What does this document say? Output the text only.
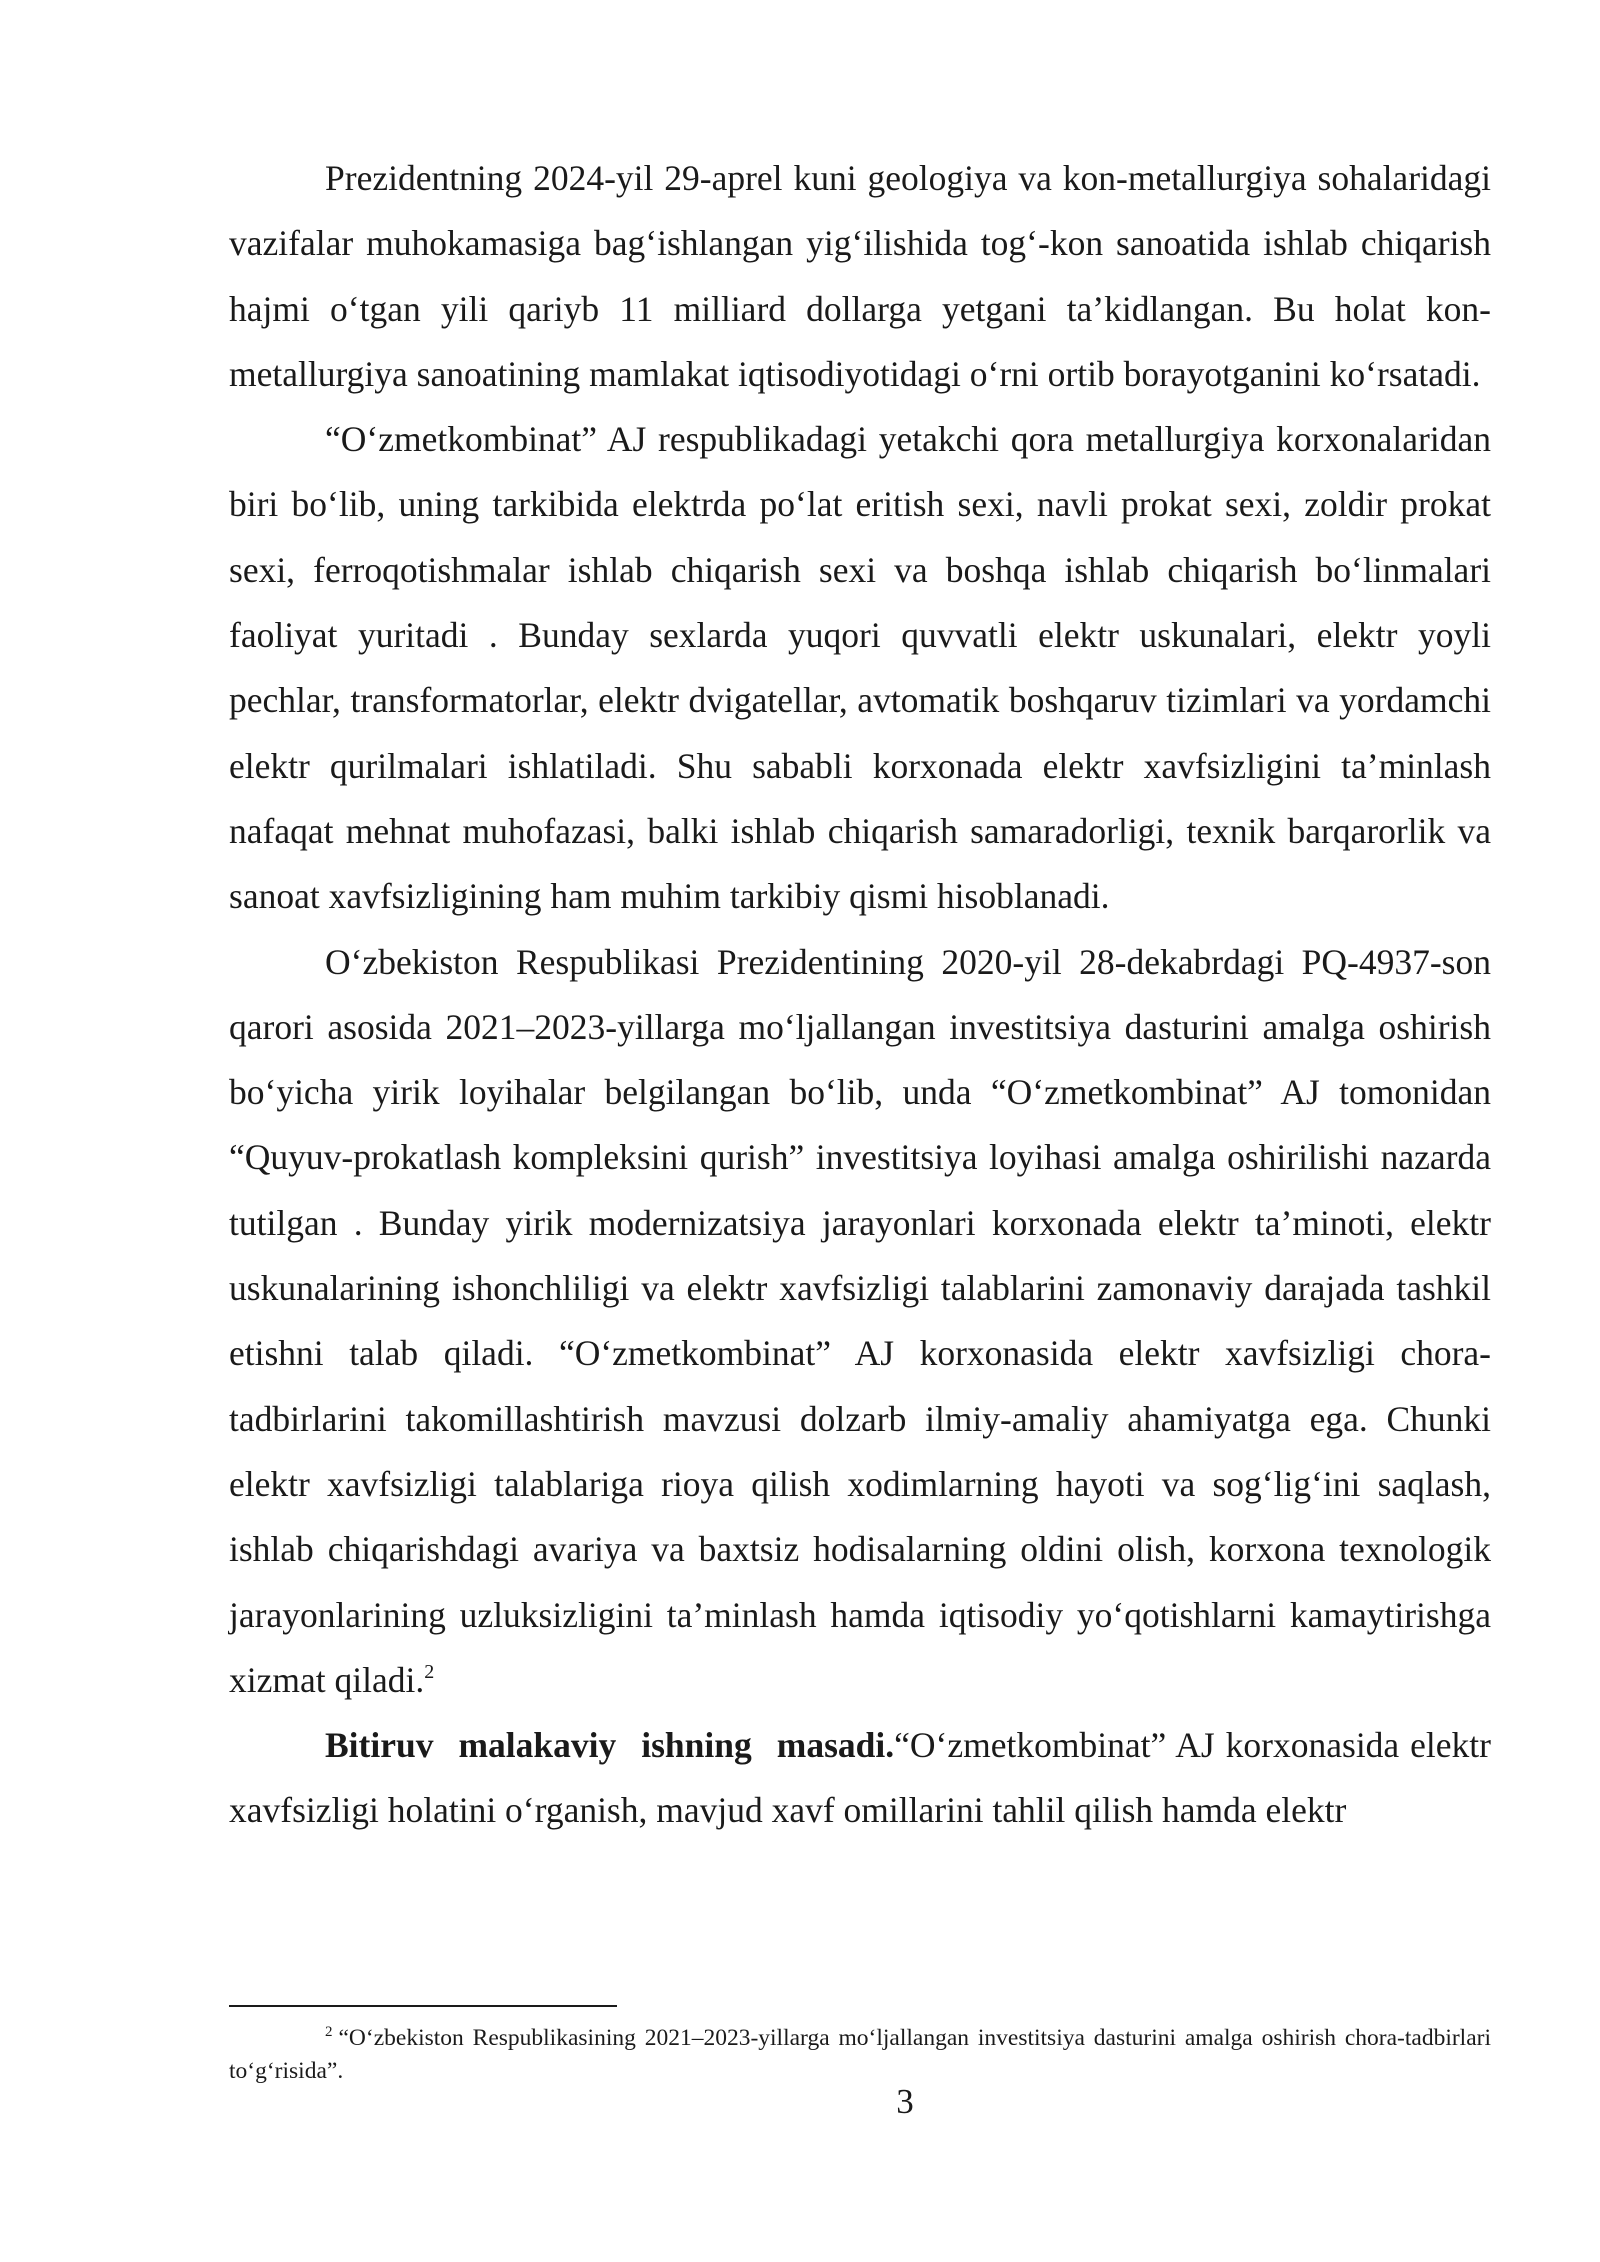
Prezidentning 2024-yil 29-aprel kuni geologiya va kon-metallurgiya sohalaridagi vazifalar muhokamasiga bag‘ishlangan yig‘ilishida tog‘-kon sanoatida ishlab chiqarish hajmi o‘tgan yili qariyb 11 milliard dollarga yetgani ta’kidlangan. Bu holat kon-metallurgiya sanoatining mamlakat iqtisodiyotidagi o‘rni ortib borayotganini ko‘rsatadi.

“O‘zmetkombinat” AJ respublikadagi yetakchi qora metallurgiya korxonalaridan biri bo‘lib, uning tarkibida elektrda po‘lat eritish sexi, navli prokat sexi, zoldir prokat sexi, ferroqotishmalar ishlab chiqarish sexi va boshqa ishlab chiqarish bo‘linmalari faoliyat yuritadi . Bunday sexlarda yuqori quvvatli elektr uskunalari, elektr yoyli pechlar, transformatorlar, elektr dvigatellar, avtomatik boshqaruv tizimlari va yordamchi elektr qurilmalari ishlatiladi. Shu sababli korxonada elektr xavfsizligini ta’minlash nafaqat mehnat muhofazasi, balki ishlab chiqarish samaradorligi, texnik barqarorlik va sanoat xavfsizligining ham muhim tarkibiy qismi hisoblanadi.

O‘zbekiston Respublikasi Prezidentining 2020-yil 28-dekabrdagi PQ-4937-son qarori asosida 2021–2023-yillarga mo‘ljallangan investitsiya dasturini amalga oshirish bo‘yicha yirik loyihalar belgilangan bo‘lib, unda “O‘zmetkombinat” AJ tomonidan “Quyuv-prokatlash kompleksini qurish” investitsiya loyihasi amalga oshirilishi nazarda tutilgan . Bunday yirik modernizatsiya jarayonlari korxonada elektr ta’minoti, elektr uskunalarining ishonchliligi va elektr xavfsizligi talablarini zamonaviy darajada tashkil etishni talab qiladi. “O‘zmetkombinat” AJ korxonasida elektr xavfsizligi chora-tadbirlarini takomillashtirish mavzusi dolzarb ilmiy-amaliy ahamiyatga ega. Chunki elektr xavfsizligi talablariga rioya qilish xodimlarning hayoti va sog‘lig‘ini saqlash, ishlab chiqarishdagi avariya va baxtsiz hodisalarning oldini olish, korxona texnologik jarayonlarining uzluksizligini ta’minlash hamda iqtisodiy yo‘qotishlarni kamaytirishga xizmat qiladi.$^2$

Bitiruv malakaviy ishning masadi.“O‘zmetkombinat” AJ korxonasida elektr xavfsizligi holatini o‘rganish, mavjud xavf omillarini tahlil qilish hamda elektr

$^2$ “O‘zbekiston Respublikasining 2021–2023-yillarga mo‘ljallangan investitsiya dasturini amalga oshirish chora-tadbirlari to‘g‘risida”.

3
